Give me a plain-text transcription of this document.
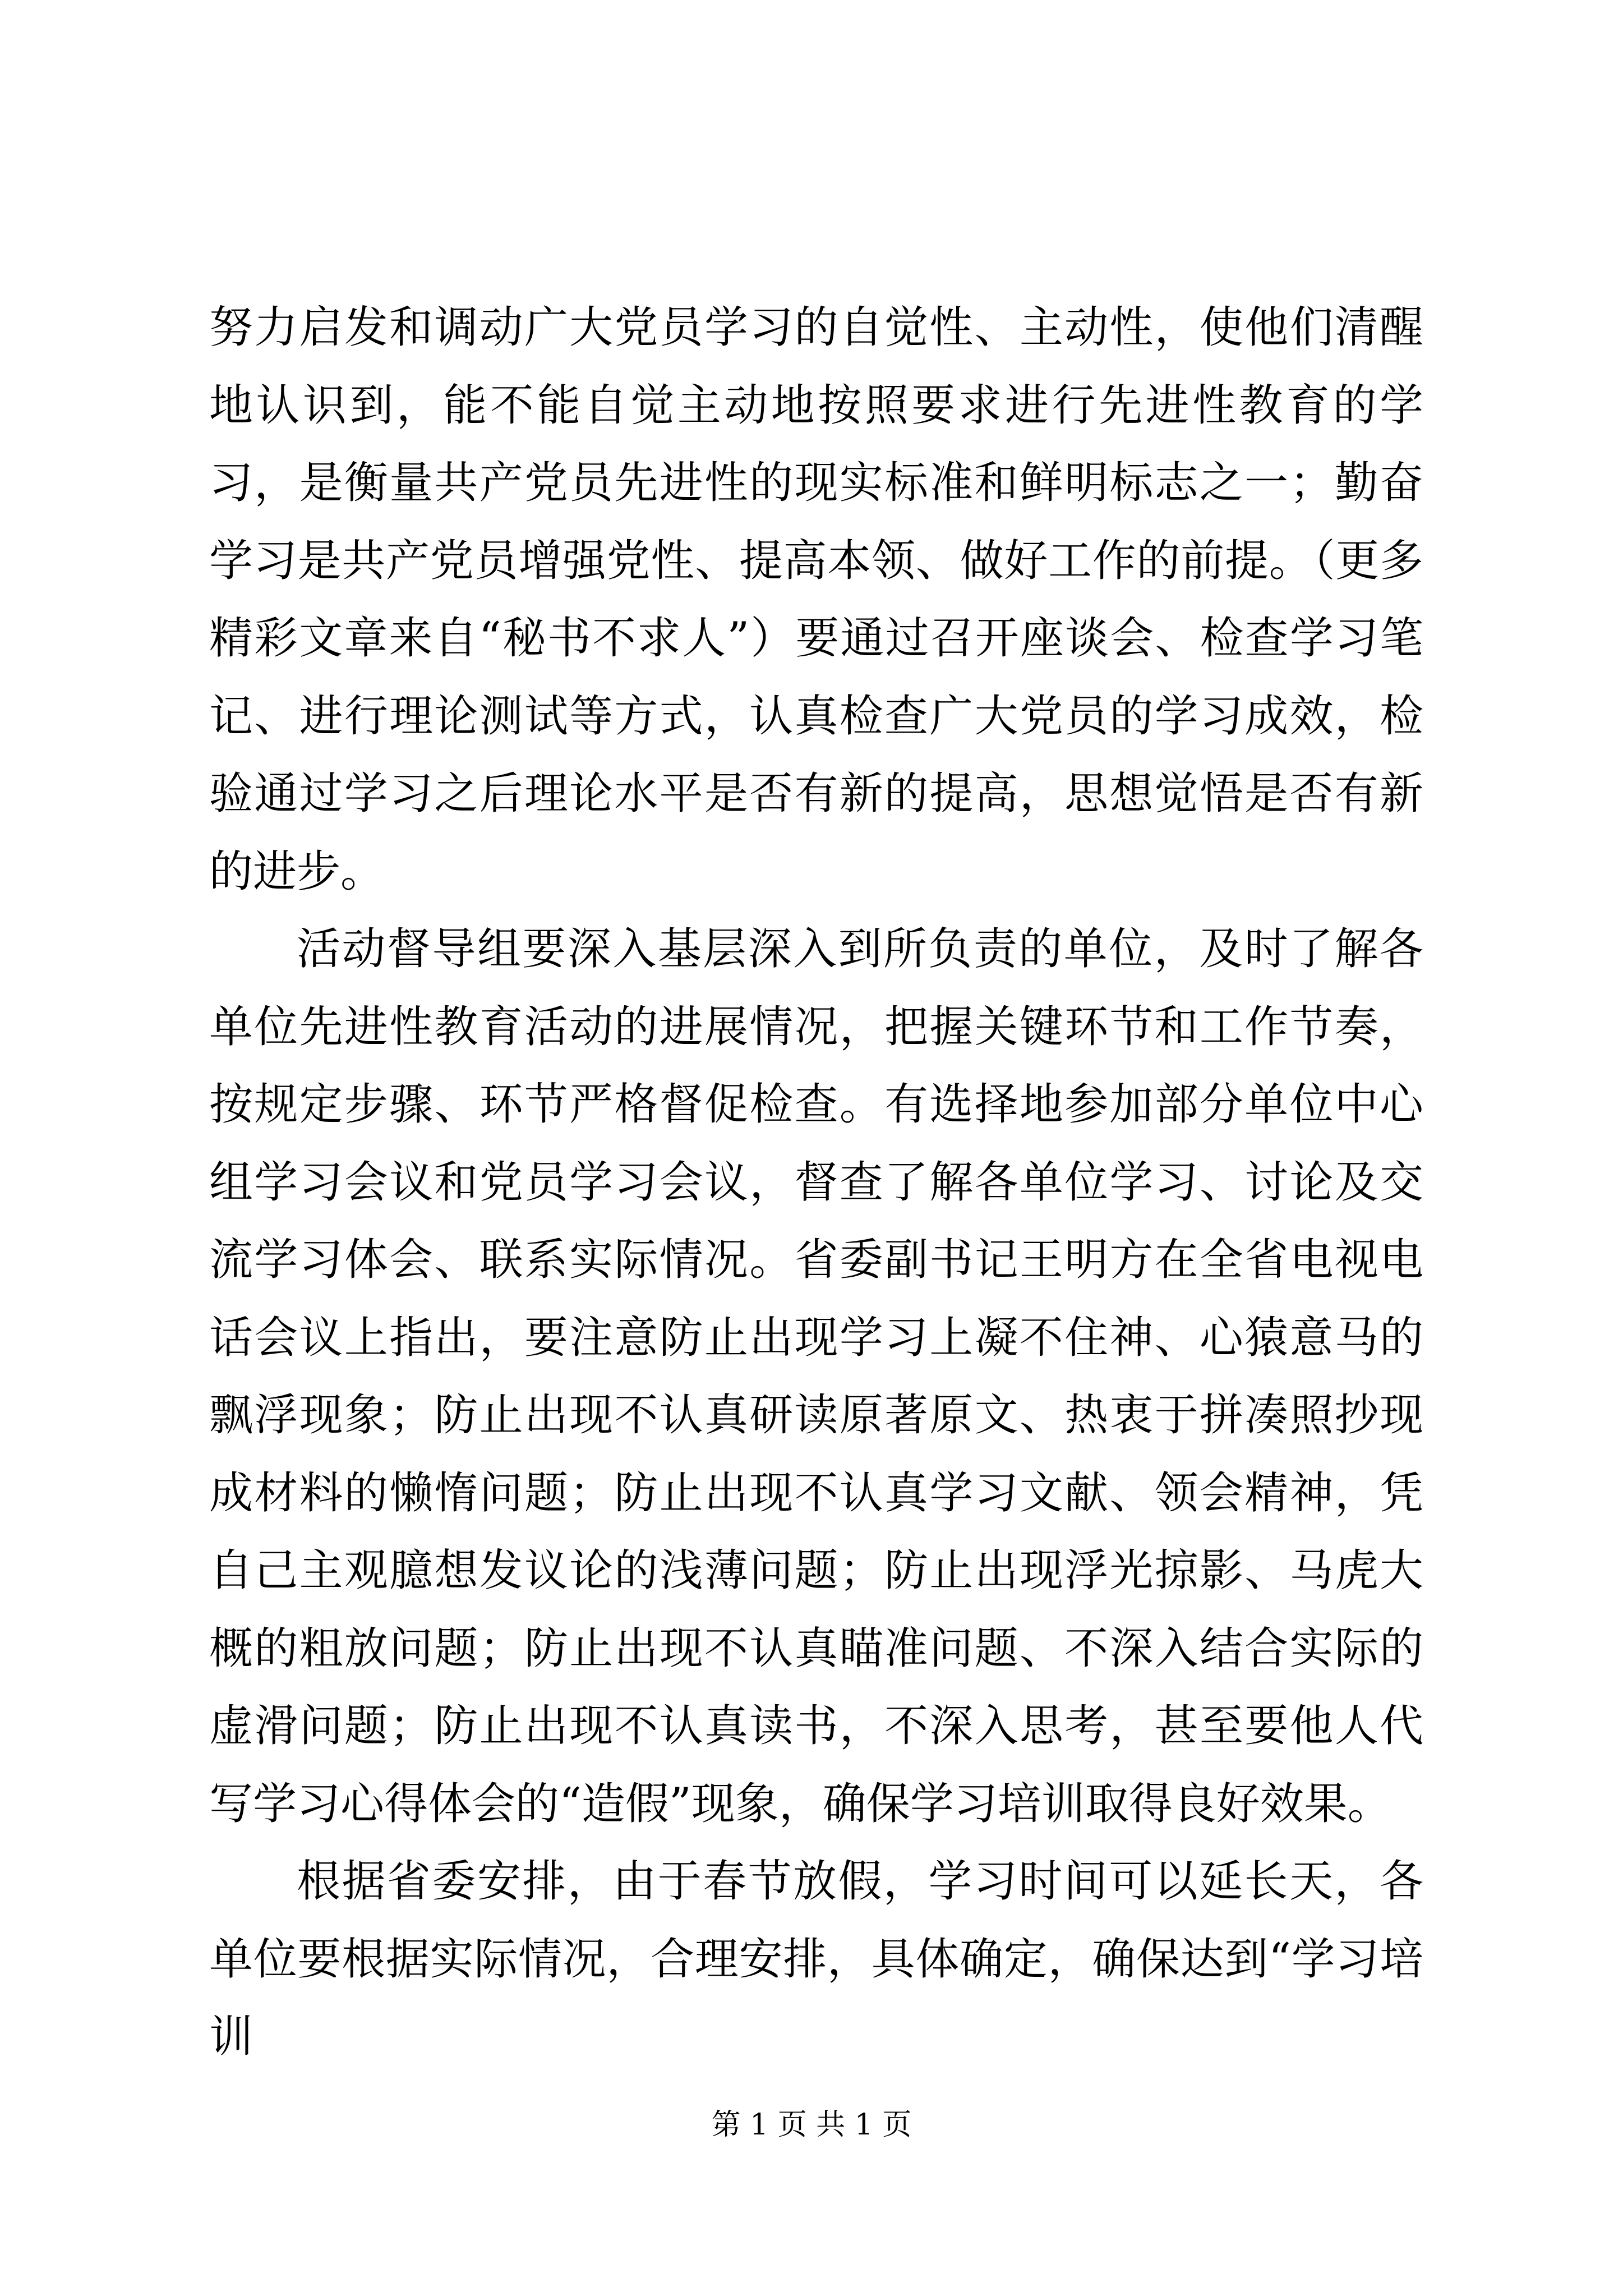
努力启发和调动广大党员学习的自觉性、主动性，使他们清醒地认识到，能不能自觉主动地按照要求进行先进性教育的学习，是衡量共产党员先进性的现实标准和鲜明标志之一；勤奋学习是共产党员增强党性、提高本领、做好工作的前提。（更多精彩文章来自“秘书不求人”）要通过召开座谈会、检查学习笔记、进行理论测试等方式，认真检查广大党员的学习成效，检验通过学习之后理论水平是否有新的提高，思想觉悟是否有新的进步。

活动督导组要深入基层深入到所负责的单位，及时了解各单位先进性教育活动的进展情况，把握关键环节和工作节奏，按规定步骤、环节严格督促检查。有选择地参加部分单位中心组学习会议和党员学习会议，督查了解各单位学习、讨论及交流学习体会、联系实际情况。省委副书记王明方在全省电视电话会议上指出，要注意防止出现学习上凝不住神、心猿意马的飘浮现象；防止出现不认真研读原著原文、热衷于拼凑照抄现成材料的懒惰问题；防止出现不认真学习文献、领会精神，凭自己主观臆想发议论的浅薄问题；防止出现浮光掠影、马虎大概的粗放问题；防止出现不认真瞄准问题、不深入结合实际的虚滑问题；防止出现不认真读书，不深入思考，甚至要他人代写学习心得体会的“造假”现象，确保学习培训取得良好效果。

根据省委安排，由于春节放假，学习时间可以延长天，各单位要根据实际情况，合理安排，具体确定，确保达到“学习培训

第 1 页 共 1 页
